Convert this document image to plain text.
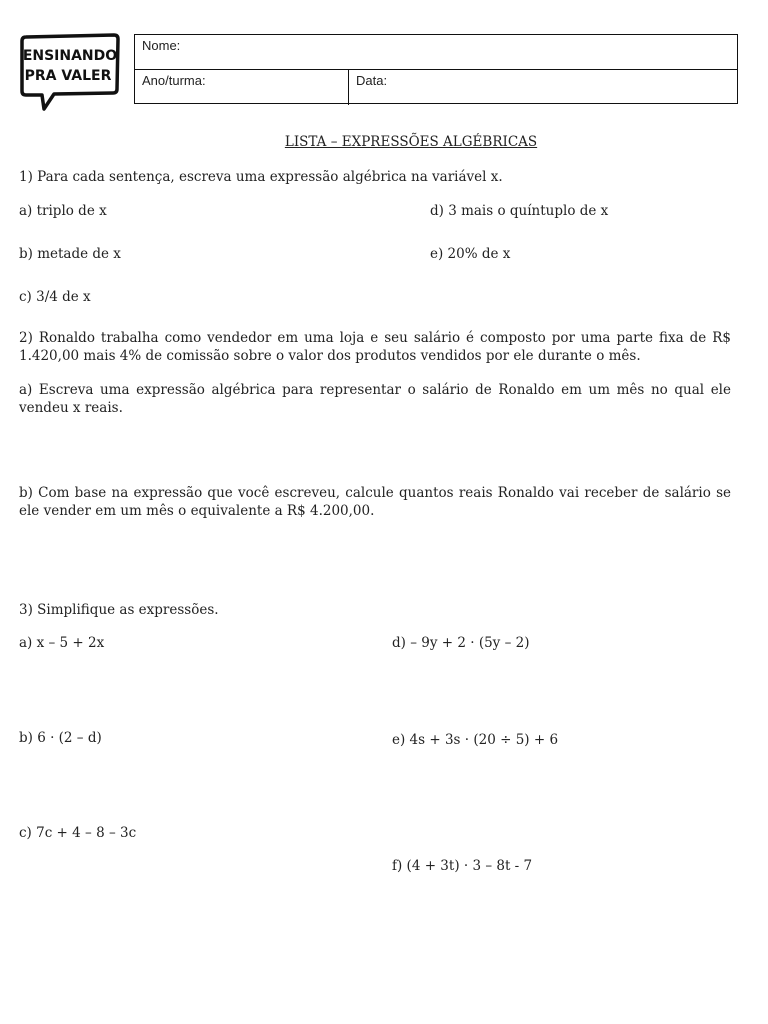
ENSINANDO
PRA VALER
Nome:
Ano/turma:	Data:
LISTA – EXPRESSÕES ALGÉBRICAS
1) Para cada sentença, escreva uma expressão algébrica na variável x.
a) triplo de x	d) 3 mais o quíntuplo de x
b) metade de x	e) 20% de x
c) 3/4 de x
2) Ronaldo trabalha como vendedor em uma loja e seu salário é composto por uma parte fixa de R$ 1.420,00 mais 4% de comissão sobre o valor dos produtos vendidos por ele durante o mês.
a) Escreva uma expressão algébrica para representar o salário de Ronaldo em um mês no qual ele vendeu x reais.
b) Com base na expressão que você escreveu, calcule quantos reais Ronaldo vai receber de salário se ele vender em um mês o equivalente a R$ 4.200,00.
3) Simplifique as expressões.
a) x – 5 + 2x	d) – 9y + 2 · (5y – 2)
b) 6 · (2 – d)	e) 4s + 3s · (20 ÷ 5) + 6
c) 7c + 4 – 8 – 3c
f) (4 + 3t) · 3 – 8t - 7
